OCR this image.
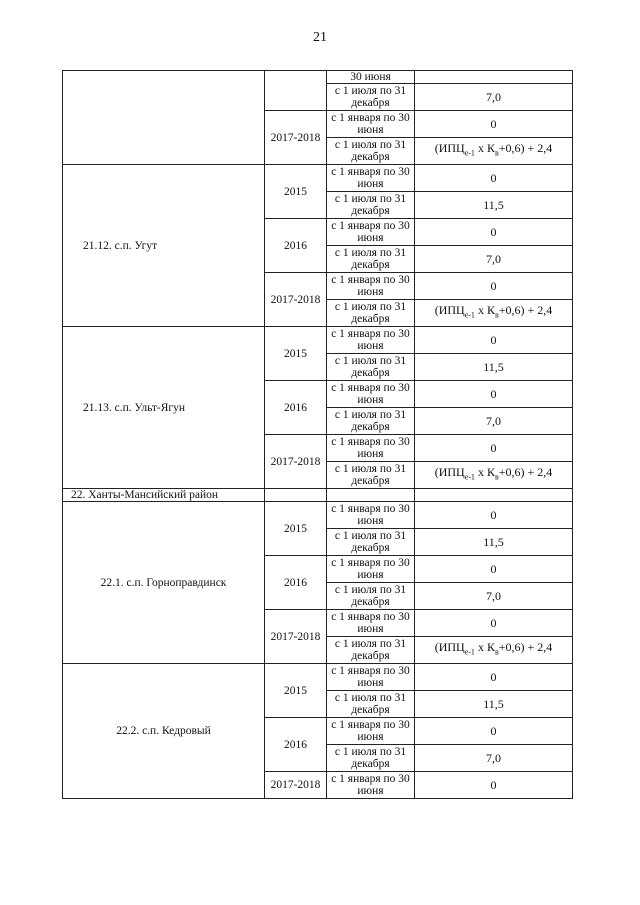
21
		30 июня	
		с 1 июля по 31 декабря	7,0
	2017-2018	с 1 января по 30 июня	0
		с 1 июля по 31 декабря	($ИПЦ_{е-1}$ х $К_в+0,6) + 2,4$
21.12. с.п. Угут	2015	с 1 января по 30 июня	0
		с 1 июля по 31 декабря	11,5
	2016	с 1 января по 30 июня	0
		с 1 июля по 31 декабря	7,0
	2017-2018	с 1 января по 30 июня	0
		с 1 июля по 31 декабря	($ИПЦ_{е-1}$ х $К_в+0,6) + 2,4$
21.13. с.п. Ульт-Ягун	2015	с 1 января по 30 июня	0
		с 1 июля по 31 декабря	11,5
	2016	с 1 января по 30 июня	0
		с 1 июля по 31 декабря	7,0
	2017-2018	с 1 января по 30 июня	0
		с 1 июля по 31 декабря	($ИПЦ_{е-1}$ х $К_в+0,6) + 2,4$
22. Ханты-Мансийский район			
22.1. с.п. Горноправдинск	2015	с 1 января по 30 июня	0
		с 1 июля по 31 декабря	11,5
	2016	с 1 января по 30 июня	0
		с 1 июля по 31 декабря	7,0
	2017-2018	с 1 января по 30 июня	0
		с 1 июля по 31 декабря	($ИПЦ_{е-1}$ х $К_в+0,6) + 2,4$
22.2. с.п. Кедровый	2015	с 1 января по 30 июня	0
		с 1 июля по 31 декабря	11,5
	2016	с 1 января по 30 июня	0
		с 1 июля по 31 декабря	7,0
	2017-2018	с 1 января по 30 июня	0
